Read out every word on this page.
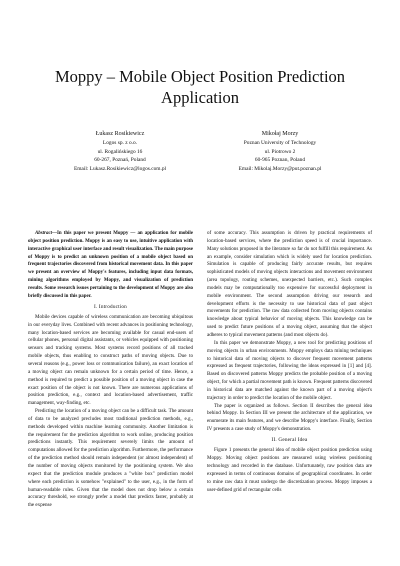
Moppy – Mobile Object Position Prediction Application
Łukasz Rosikiewicz
Logos sp. z o.o.
ul. Rogalińskiego 16
60-267, Poznań, Poland
Email: Lukasz.Rosikiewicz@logos.com.pl
Mikołaj Morzy
Poznan University of Technology
ul. Piotrowo 2
60-965 Poznan, Poland
Email: Mikolaj.Morzy@put.poznan.pl

Abstract—In this paper we present Moppy — an application for mobile object position prediction. Moppy is an easy to use, intuitive application with interactive graphical user interface and result visualization. The main purpose of Moppy is to predict an unknown position of a mobile object based on frequent trajectories discovered from historical movement data. In this paper we present an overview of Moppy's features, including input data formats, mining algorithms employed by Moppy, and visualization of prediction results. Some research issues pertaining to the development of Moppy are also briefly discussed in this paper.

I. Introduction

Mobile devices capable of wireless communication are becoming ubiquitous in our everyday lives. Combined with recent advances in positioning technology, many location-based services are becoming available for casual end-users of cellular phones, personal digital assistants, or vehicles equipped with positioning sensors and tracking systems. Most systems record positions of all tracked mobile objects, thus enabling to construct paths of moving objects. Due to several reasons (e.g., power loss or communication failure), an exact location of a moving object can remain unknown for a certain period of time. Hence, a method is required to predict a possible position of a moving object in case the exact position of the object is not known. There are numerous applications of position prediction, e.g., context and location-based advertisement, traffic management, way-finding, etc.

Predicting the location of a moving object can be a difficult task. The amount of data to be analyzed precludes most traditional prediction methods, e.g., methods developed within machine learning community. Another limitation is the requirement for the prediction algorithm to work online, producing position predictions instantly. This requirement severely limits the amount of computations allowed for the prediction algorithm. Furthermore, the performance of the prediction method should remain independent (or almost independent) of the number of moving objects monitored by the positioning system. We also expect that the prediction module produces a "white box" prediction model where each prediction is somehow "explained" to the user, e.g., in the form of human-readable rules. Given that the model does not drop below a certain accuracy threshold, we strongly prefer a model that predicts faster, probably at the expense

of some accuracy. This assumption is driven by practical requirements of location-based services, where the prediction speed is of crucial importance. Many solutions proposed in the literature so far do not fulfill this requirement. As an example, consider simulation which is widely used for location prediction. Simulation is capable of producing fairly accurate results, but requires sophisticated models of moving objects interactions and movement environment (area topology, routing schemes, unexpected barriers, etc.). Such complex models may be computationally too expensive for successful deployment in mobile environment. The second assumption driving our research and development efforts is the necessity to use historical data of past object movements for prediction. The raw data collected from moving objects contains knowledge about typical behavior of moving objects. This knowledge can be used to predict future positions of a moving object, assuming that the object adheres to typical movement patterns (and most objects do).

In this paper we demonstrate Moppy, a new tool for predicting positions of moving objects in urban environments. Moppy employs data mining techniques to historical data of moving objects to discover frequent movement patterns expressed as frequent trajectories, following the ideas expressed in [1] and [4]. Based on discovered patterns Moppy predicts the probable position of a moving object, for which a partial movement path is known. Frequent patterns discovered in historical data are matched against the known part of a moving object's trajectory in order to predict the location of the mobile object.

The paper is organized as follows. Section II describes the general idea behind Moppy. In Section III we present the architecture of the application, we enumerate its main features, and we describe Moppy's interface. Finally, Section IV presents a case study of Moppy's demonstration.

II. General Idea

Figure 1 presents the general idea of mobile object position prediction using Moppy. Moving object positions are measured using wireless positioning technology and recorded in the database. Unfortunately, raw position data are expressed in terms of continuous domains of geographical coordinates. In order to mine raw data it must undergo the discretization process. Moppy imposes a user-defined grid of rectangular cells
